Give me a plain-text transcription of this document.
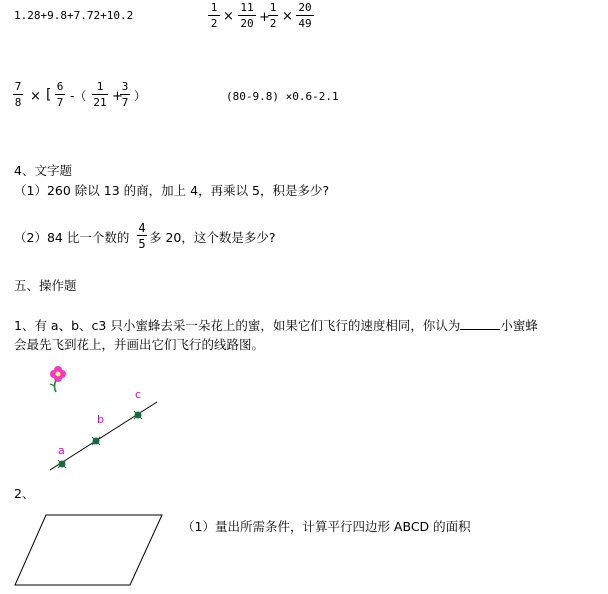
1.28+9.8+7.72+10.2	$\frac{1}{2} \times \frac{11}{20}$ +
$\frac{1}{2} \times \frac{20}{49}$
$\frac{7}{8}$ × [ $\frac{6}{7}$ -（ $\frac{1}{21}$ +
$\frac{3}{7}$ ）	(80-9.8) ×0.6-2.1
4、文字题
（1）260 除以 13 的商，加上 4，再乘以 5，积是多少?
（2）84 比一个数的 $\frac{4}{5}$ 多 20，这个数是多少?
五、操作题
1、有 a、b、c3 只小蜜蜂去采一朵花上的蜜，如果它们飞行的速度相同，你认为	小蜜蜂
会最先飞到花上，并画出它们飞行的线路图。
a
b
c
2、
（1）量出所需条件，计算平行四边形 ABCD 的面积
